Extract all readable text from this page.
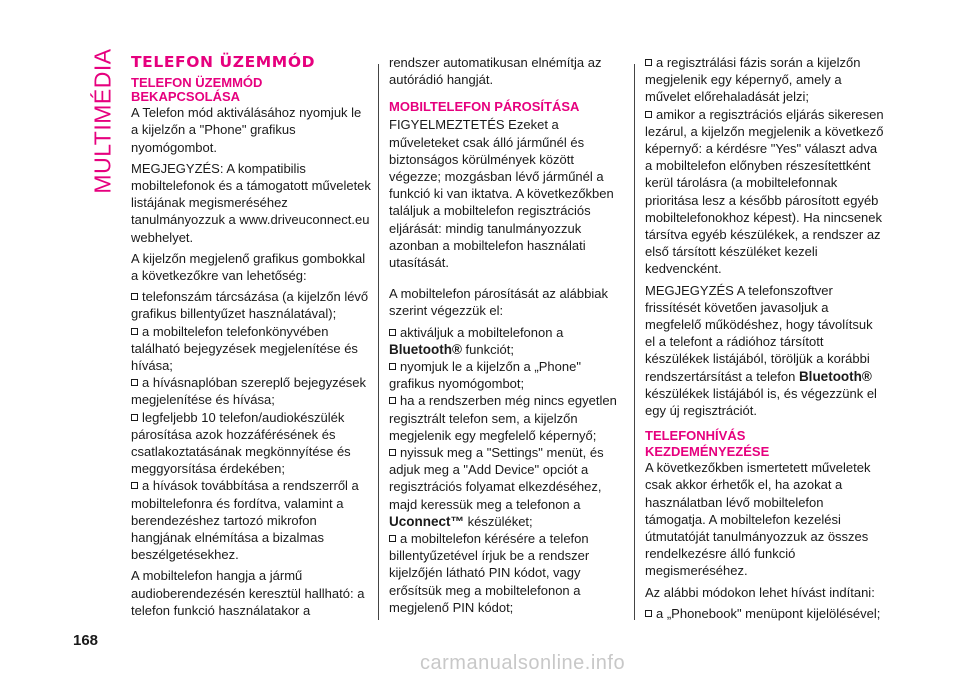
MULTIMÉDIA TELEFON ÜZEMMÓD
TELEFON ÜZEMMÓD
BEKAPCSOLÁSA

A Telefon mód aktiválásához nyomjuk le a kijelzőn a "Phone" grafikus nyomógombot.

MEGJEGYZÉS: A kompatibilis mobiltelefonok és a támogatott műveletek listájának megismeréséhez tanulmányozzuk a www.driveuconnect.eu webhelyet.

A kijelzőn megjelenő grafikus gombokkal a következőkre van lehetőség:

telefonszám tárcsázása (a kijelzőn lévő grafikus billentyűzet használatával);

a mobiltelefon telefonkönyvében található bejegyzések megjelenítése és hívása;

a hívásnaplóban szereplő bejegyzések megjelenítése és hívása;

legfeljebb 10 telefon/audiokészülék párosítása azok hozzáférésének és csatlakoztatásának megkönnyítése és meggyorsítása érdekében;

a hívások továbbítása a rendszerről a mobiltelefonra és fordítva, valamint a berendezéshez tartozó mikrofon hangjának elnémítása a bizalmas beszélgetésekhez.

A mobiltelefon hangja a jármű audioberendezésén keresztül hallható: a telefon funkció használatakor a

rendszer automatikusan elnémítja az autórádió hangját.

MOBILTELEFON PÁROSÍTÁSA

FIGYELMEZTETÉS Ezeket a műveleteket csak álló járműnél és biztonságos körülmények között végezze; mozgásban lévő járműnél a funkció ki van iktatva. A következőkben találjuk a mobiltelefon regisztrációs eljárását: mindig tanulmányozzuk azonban a mobiltelefon használati utasítását.

A mobiltelefon párosítását az alábbiak szerint végezzük el:

aktiváljuk a mobiltelefonon a
Bluetooth® funkciót;

nyomjuk le a kijelzőn a „Phone" grafikus nyomógombot;

ha a rendszerben még nincs egyetlen regisztrált telefon sem, a kijelzőn megjelenik egy megfelelő képernyő;

nyissuk meg a "Settings" menüt, és adjuk meg a "Add Device" opciót a regisztrációs folyamat elkezdéséhez, majd keressük meg a telefonon a Uconnect™ készüléket;

a mobiltelefon kérésére a telefon billentyűzetével írjuk be a rendszer kijelzőjén látható PIN kódot, vagy erősítsük meg a mobiltelefonon a megjelenő PIN kódot;

a regisztrálási fázis során a kijelzőn megjelenik egy képernyő, amely a művelet előrehaladását jelzi;

amikor a regisztrációs eljárás sikeresen lezárul, a kijelzőn megjelenik a következő képernyő: a kérdésre "Yes" választ adva a mobiltelefon előnyben részesítettként kerül tárolásra (a mobiltelefonnak prioritása lesz a később párosított egyéb mobiltelefonokhoz képest). Ha nincsenek társítva egyéb készülékek, a rendszer az első társított készüléket kezeli kedvencként.

MEGJEGYZÉS A telefonszoftver frissítését követően javasoljuk a megfelelő működéshez, hogy távolítsuk el a telefont a rádióhoz társított készülékek listájából, töröljük a korábbi rendszertársítást a telefon Bluetooth® készülékek listájából is, és végezzünk el egy új regisztrációt.

TELEFONHÍVÁS
KEZDEMÉNYEZÉSE

A következőkben ismertetett műveletek csak akkor érhetők el, ha azokat a használatban lévő mobiltelefon támogatja. A mobiltelefon kezelési útmutatóját tanulmányozzuk az összes rendelkezésre álló funkció megismeréséhez.

Az alábbi módokon lehet hívást indítani:

a „Phonebook" menüpont kijelölésével;

168
carmanualsonline.info
